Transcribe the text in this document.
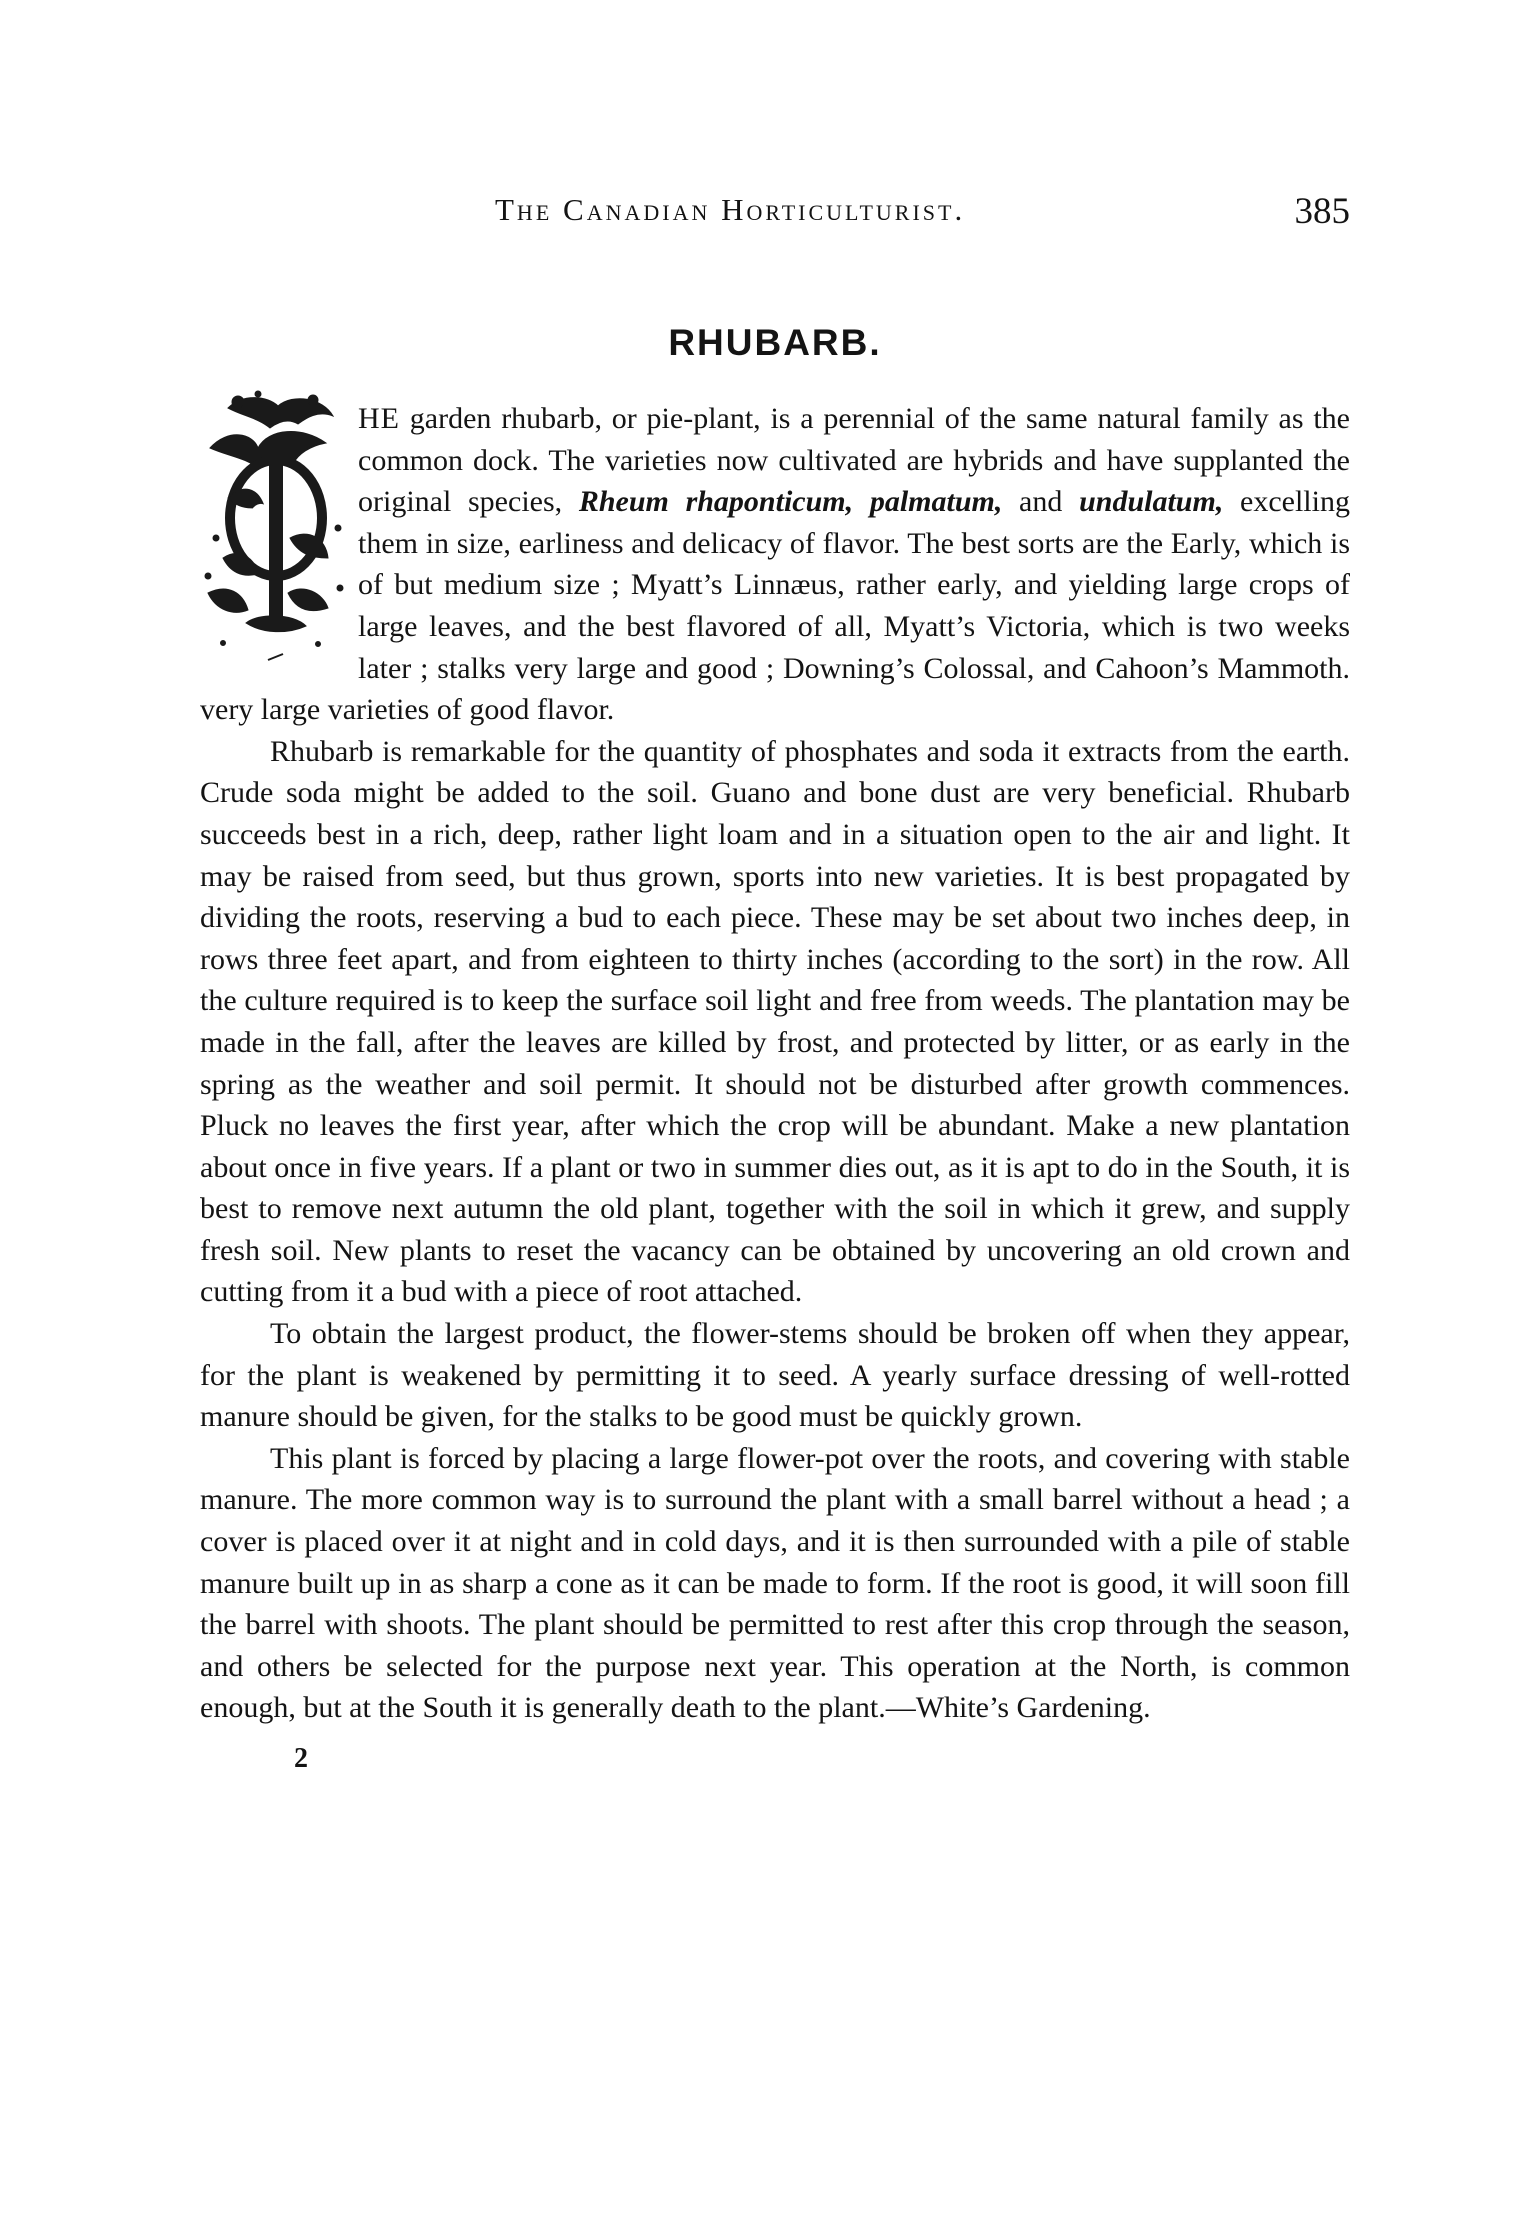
The Canadian Horticulturist.	385
RHUBARB.

HE garden rhubarb, or pie-plant, is a perennial of the same natural family as the common dock. The varieties now cultivated are hybrids and have supplanted the original species, Rheum rhaponticum, palmatum, and undulatum, excelling them in size, earliness and delicacy of flavor. The best sorts are the Early, which is of but medium size ; Myatt’s Linnæus, rather early, and yielding large crops of large leaves, and the best flavored of all, Myatt’s Victoria, which is two weeks later ; stalks very large and good ; Downing’s Colossal, and Cahoon’s Mammoth. very large varieties of good flavor.

Rhubarb is remarkable for the quantity of phosphates and soda it extracts from the earth. Crude soda might be added to the soil. Guano and bone dust are very beneficial. Rhubarb succeeds best in a rich, deep, rather light loam and in a situation open to the air and light. It may be raised from seed, but thus grown, sports into new varieties. It is best propagated by dividing the roots, reserving a bud to each piece. These may be set about two inches deep, in rows three feet apart, and from eighteen to thirty inches (according to the sort) in the row. All the culture required is to keep the surface soil light and free from weeds. The plantation may be made in the fall, after the leaves are killed by frost, and protected by litter, or as early in the spring as the weather and soil permit. It should not be disturbed after growth commences. Pluck no leaves the first year, after which the crop will be abundant. Make a new plantation about once in five years. If a plant or two in summer dies out, as it is apt to do in the South, it is best to remove next autumn the old plant, together with the soil in which it grew, and supply fresh soil. New plants to reset the vacancy can be obtained by uncovering an old crown and cutting from it a bud with a piece of root attached.

To obtain the largest product, the flower-stems should be broken off when they appear, for the plant is weakened by permitting it to seed. A yearly surface dressing of well-rotted manure should be given, for the stalks to be good must be quickly grown.

This plant is forced by placing a large flower-pot over the roots, and covering with stable manure. The more common way is to surround the plant with a small barrel without a head ; a cover is placed over it at night and in cold days, and it is then surrounded with a pile of stable manure built up in as sharp a cone as it can be made to form. If the root is good, it will soon fill the barrel with shoots. The plant should be permitted to rest after this crop through the season, and others be selected for the purpose next year. This operation at the North, is common enough, but at the South it is generally death to the plant.—White’s Gardening.

2
